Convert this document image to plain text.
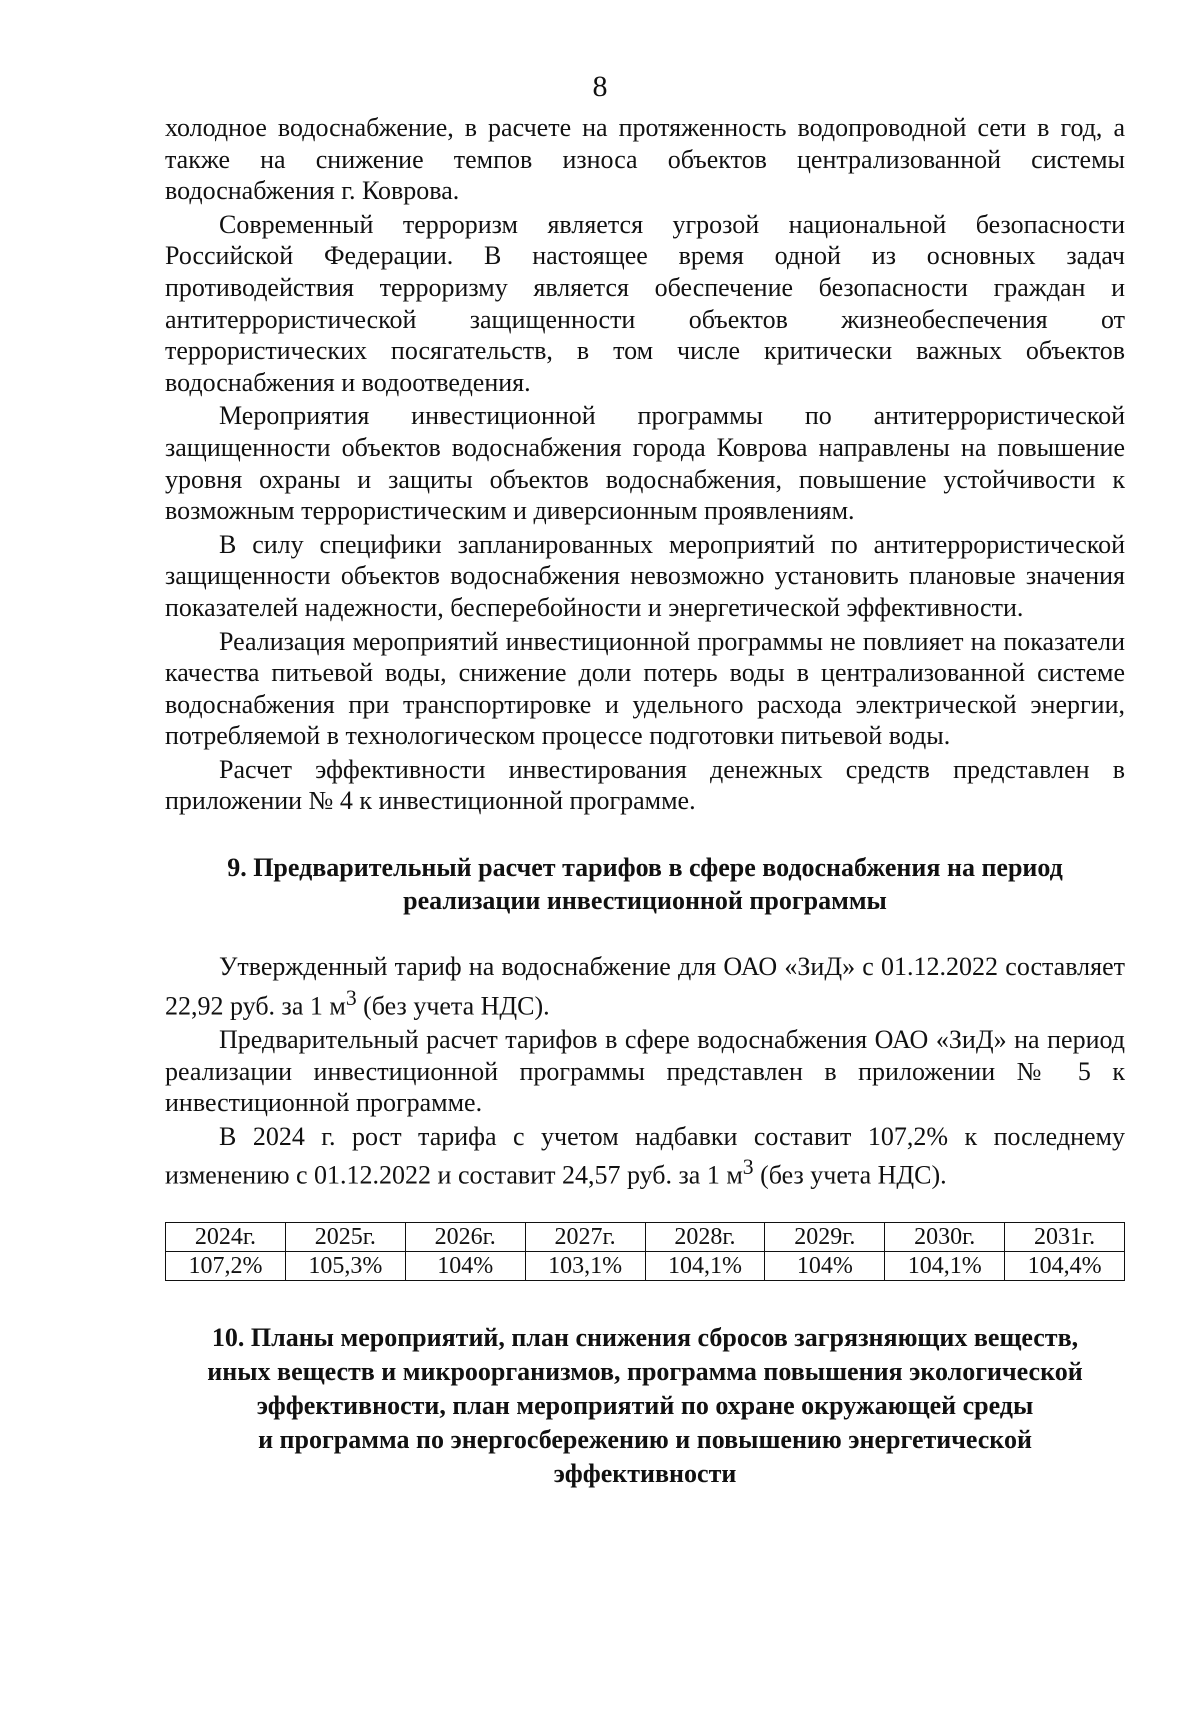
8

холодное водоснабжение, в расчете на протяженность водопроводной сети в год, а также на снижение темпов износа объектов централизованной системы водоснабжения г. Коврова.

Современный терроризм является угрозой национальной безопасности Российской Федерации. В настоящее время одной из основных задач противодействия терроризму является обеспечение безопасности граждан и антитеррористической защищенности объектов жизнеобеспечения от террористических посягательств, в том числе критически важных объектов водоснабжения и водоотведения.

Мероприятия инвестиционной программы по антитеррористической защищенности объектов водоснабжения города Коврова направлены на повышение уровня охраны и защиты объектов водоснабжения, повышение устойчивости к возможным террористическим и диверсионным проявлениям.

В силу специфики запланированных мероприятий по антитеррористической защищенности объектов водоснабжения невозможно установить плановые значения показателей надежности, бесперебойности и энергетической эффективности.

Реализация мероприятий инвестиционной программы не повлияет на показатели качества питьевой воды, снижение доли потерь воды в централизованной системе водоснабжения при транспортировке и удельного расхода электрической энергии, потребляемой в технологическом процессе подготовки питьевой воды.

Расчет эффективности инвестирования денежных средств представлен в приложении № 4 к инвестиционной программе.

9. Предварительный расчет тарифов в сфере водоснабжения на период
реализации инвестиционной программы

Утвержденный тариф на водоснабжение для ОАО «ЗиД» с 01.12.2022 составляет 22,92 руб. за 1 $м^3$ (без учета НДС).

Предварительный расчет тарифов в сфере водоснабжения ОАО «ЗиД» на период реализации инвестиционной программы представлен в приложении № 5 к инвестиционной программе.

В 2024 г. рост тарифа с учетом надбавки составит 107,2% к последнему изменению с 01.12.2022 и составит 24,57 руб. за 1 $м^3$ (без учета НДС).

2024г.	2025г.	2026г.	2027г.	2028г.	2029г.	2030г.	2031г.
107,2%	105,3%	104%	103,1%	104,1%	104%	104,1%	104,4%
10. Планы мероприятий, план снижения сбросов загрязняющих веществ,
иных веществ и микроорганизмов, программа повышения экологической
эффективности, план мероприятий по охране окружающей среды
и программа по энергосбережению и повышению энергетической
эффективности
